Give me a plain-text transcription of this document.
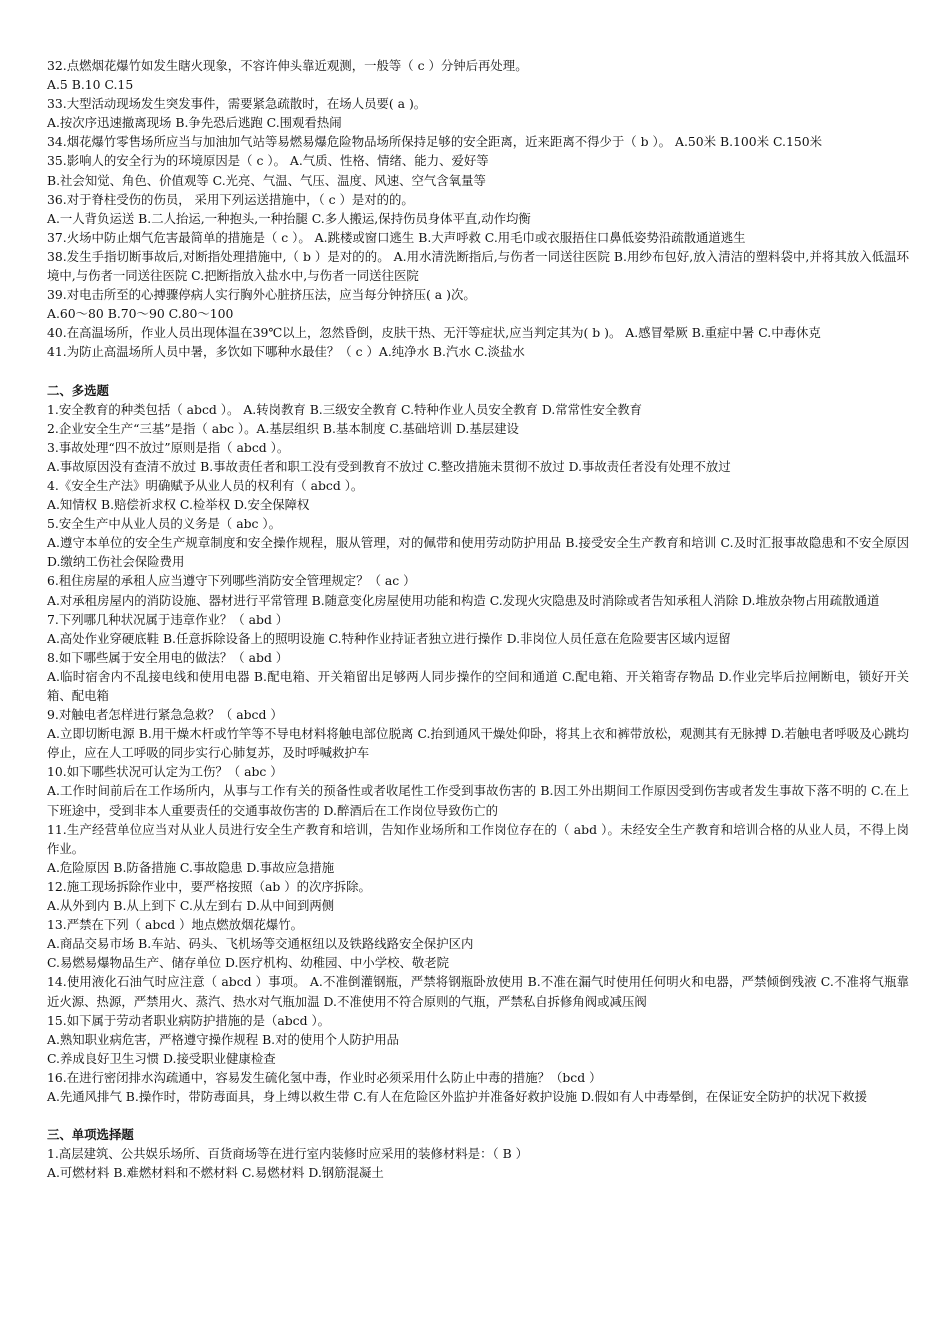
32.点燃烟花爆竹如发生瞎火现象，不容许伸头靠近观测，一般等（ c ）分钟后再处理。

A.5 B.10 C.15

33.大型活动现场发生突发事件，需要紧急疏散时，在场人员要( a )。

A.按次序迅速撤离现场 B.争先恐后逃跑 C.围观看热闹

34.烟花爆竹零售场所应当与加油加气站等易燃易爆危险物品场所保持足够的安全距离，近来距离不得少于（ b ）。 A.50米 B.100米 C.150米

35.影响人的安全行为的环境原因是（ c ）。 A.气质、性格、情绪、能力、爱好等

B.社会知觉、角色、价值观等 C.光亮、气温、气压、温度、风速、空气含氧量等

36.对于脊柱受伤的伤员， 采用下列运送措施中，（ c ）是对的的。

A.一人背负运送 B.二人抬运,一种抱头,一种抬腿 C.多人搬运,保持伤员身体平直,动作均衡

37.火场中防止烟气危害最简单的措施是（ c ）。 A.跳楼或窗口逃生 B.大声呼救 C.用毛巾或衣服捂住口鼻低姿势沿疏散通道逃生

38.发生手指切断事故后,对断指处理措施中,（ b ）是对的的。 A.用水清洗断指后,与伤者一同送往医院 B.用纱布包好,放入清洁的塑料袋中,并将其放入低温环境中,与伤者一同送往医院 C.把断指放入盐水中,与伤者一同送往医院

39.对电击所至的心搏骤停病人实行胸外心脏挤压法，应当每分钟挤压( a )次。

A.60～80 B.70～90 C.80～100

40.在高温场所，作业人员出现体温在39℃以上，忽然昏倒，皮肤干热、无汗等症状,应当判定其为( b )。 A.感冒晕厥 B.重症中暑 C.中毒休克

41.为防止高温场所人员中暑，多饮如下哪种水最佳？（ c ）A.纯净水 B.汽水 C.淡盐水

二、多选题

1.安全教育的种类包括（ abcd ）。 A.转岗教育 B.三级安全教育 C.特种作业人员安全教育 D.常常性安全教育

2.企业安全生产“三基”是指（ abc ）。A.基层组织 B.基本制度 C.基础培训 D.基层建设

3.事故处理“四不放过”原则是指（ abcd ）。

A.事故原因没有查清不放过 B.事故责任者和职工没有受到教育不放过 C.整改措施未贯彻不放过 D.事故责任者没有处理不放过

4.《安全生产法》明确赋予从业人员的权利有（ abcd ）。

A.知情权 B.赔偿祈求权 C.检举权 D.安全保障权

5.安全生产中从业人员的义务是（ abc ）。

A.遵守本单位的安全生产规章制度和安全操作规程，服从管理，对的佩带和使用劳动防护用品 B.接受安全生产教育和培训 C.及时汇报事故隐患和不安全原因 D.缴纳工伤社会保险费用

6.租住房屋的承租人应当遵守下列哪些消防安全管理规定？（ ac ）

A.对承租房屋内的消防设施、器材进行平常管理 B.随意变化房屋使用功能和构造 C.发现火灾隐患及时消除或者告知承租人消除 D.堆放杂物占用疏散通道

7.下列哪几种状况属于违章作业？（ abd ）

A.高处作业穿硬底鞋 B.任意拆除设备上的照明设施 C.特种作业持证者独立进行操作 D.非岗位人员任意在危险要害区域内逗留

8.如下哪些属于安全用电的做法？（ abd ）

A.临时宿舍内不乱接电线和使用电器 B.配电箱、开关箱留出足够两人同步操作的空间和通道 C.配电箱、开关箱寄存物品 D.作业完毕后拉闸断电，锁好开关箱、配电箱

9.对触电者怎样进行紧急急救？（ abcd ）

A.立即切断电源 B.用干燥木杆或竹竿等不导电材料将触电部位脱离 C.抬到通风干燥处仰卧，将其上衣和裤带放松，观测其有无脉搏 D.若触电者呼吸及心跳均停止，应在人工呼吸的同步实行心肺复苏，及时呼喊救护车

10.如下哪些状况可认定为工伤？（ abc ）

A.工作时间前后在工作场所内，从事与工作有关的预备性或者收尾性工作受到事故伤害的 B.因工外出期间工作原因受到伤害或者发生事故下落不明的 C.在上下班途中，受到非本人重要责任的交通事故伤害的 D.醉酒后在工作岗位导致伤亡的

11.生产经营单位应当对从业人员进行安全生产教育和培训，告知作业场所和工作岗位存在的（ abd ）。未经安全生产教育和培训合格的从业人员，不得上岗作业。

A.危险原因 B.防备措施 C.事故隐患 D.事故应急措施

12.施工现场拆除作业中，要严格按照（ab ）的次序拆除。

A.从外到内 B.从上到下 C.从左到右 D.从中间到两侧

13.严禁在下列（ abcd ）地点燃放烟花爆竹。

A.商品交易市场 B.车站、码头、飞机场等交通枢纽以及铁路线路安全保护区内

C.易燃易爆物品生产、储存单位 D.医疗机构、幼稚园、中小学校、敬老院

14.使用液化石油气时应注意（ abcd ）事项。 A.不准倒灌钢瓶，严禁将钢瓶卧放使用 B.不准在漏气时使用任何明火和电器，严禁倾倒残液 C.不准将气瓶靠近火源、热源，严禁用火、蒸汽、热水对气瓶加温 D.不准使用不符合原则的气瓶，严禁私自拆修角阀或减压阀

15.如下属于劳动者职业病防护措施的是（abcd ）。

A.熟知职业病危害，严格遵守操作规程 B.对的使用个人防护用品

C.养成良好卫生习惯 D.接受职业健康检查

16.在进行密闭排水沟疏通中，容易发生硫化氢中毒，作业时必须采用什么防止中毒的措施？（bcd ）

A.先通风排气 B.操作时，带防毒面具，身上缚以救生带 C.有人在危险区外监护并准备好救护设施 D.假如有人中毒晕倒，在保证安全防护的状况下救援

三、单项选择题

1.高层建筑、公共娱乐场所、百货商场等在进行室内装修时应采用的装修材料是：（ B ）

A.可燃材料 B.难燃材料和不燃材料 C.易燃材料 D.钢筋混凝土
